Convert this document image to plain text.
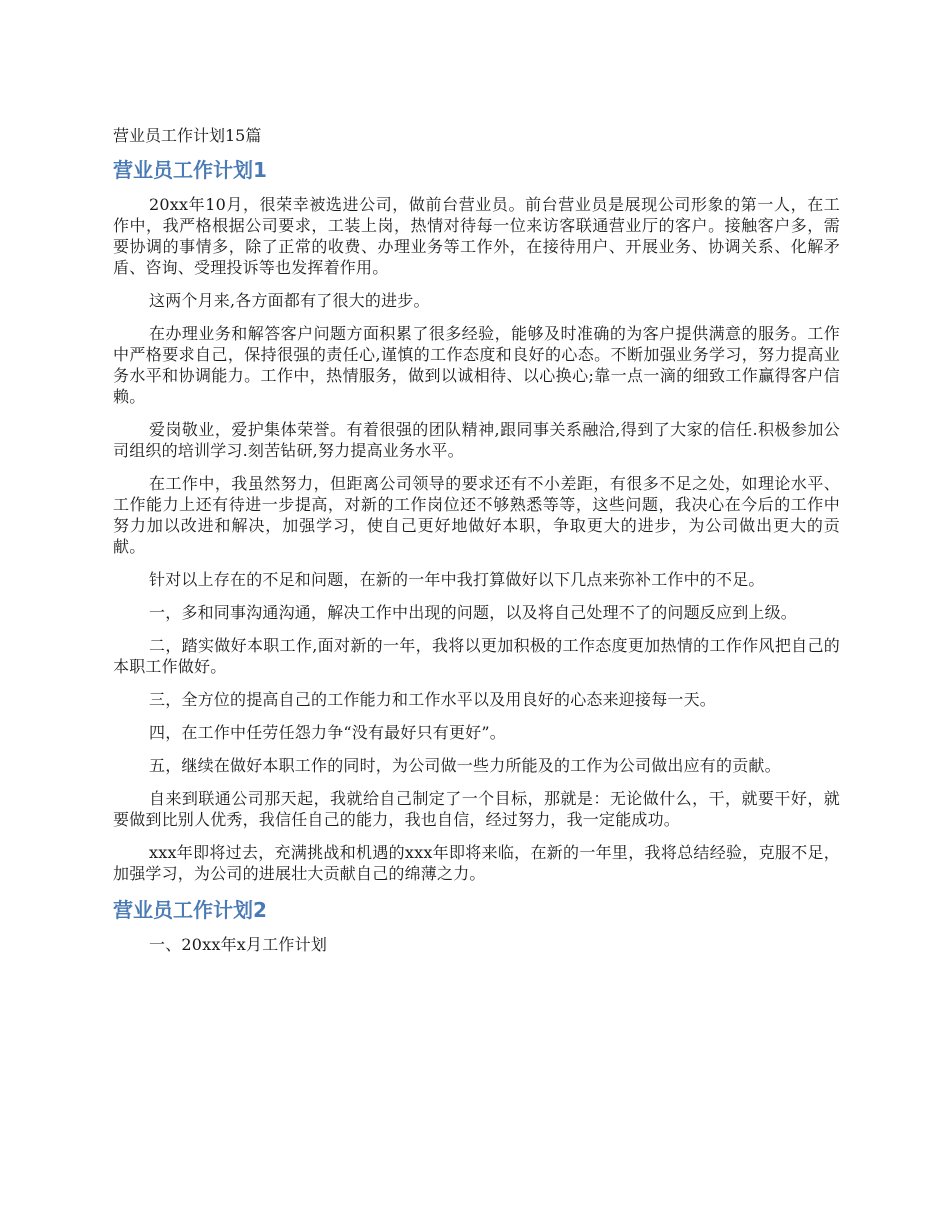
营业员工作计划15篇
营业员工作计划1

20xx年10月，很荣幸被选进公司，做前台营业员。前台营业员是展现公司形象的第一人，在工作中，我严格根据公司要求，工装上岗，热情对待每一位来访客联通营业厅的客户。接触客户多，需要协调的事情多，除了正常的收费、办理业务等工作外，在接待用户、开展业务、协调关系、化解矛盾、咨询、受理投诉等也发挥着作用。

这两个月来,各方面都有了很大的进步。

在办理业务和解答客户问题方面积累了很多经验，能够及时准确的为客户提供满意的服务。工作中严格要求自己，保持很强的责任心,谨慎的工作态度和良好的心态。不断加强业务学习，努力提高业务水平和协调能力。工作中，热情服务，做到以诚相待、以心换心;靠一点一滴的细致工作赢得客户信赖。

爱岗敬业，爱护集体荣誉。有着很强的团队精神,跟同事关系融洽,得到了大家的信任.积极参加公司组织的培训学习.刻苦钻研,努力提高业务水平。

在工作中，我虽然努力，但距离公司领导的要求还有不小差距，有很多不足之处，如理论水平、工作能力上还有待进一步提高，对新的工作岗位还不够熟悉等等，这些问题，我决心在今后的工作中努力加以改进和解决，加强学习，使自己更好地做好本职，争取更大的进步，为公司做出更大的贡献。

针对以上存在的不足和问题，在新的一年中我打算做好以下几点来弥补工作中的不足。

一，多和同事沟通沟通，解决工作中出现的问题，以及将自己处理不了的问题反应到上级。

二，踏实做好本职工作,面对新的一年，我将以更加积极的工作态度更加热情的工作作风把自己的本职工作做好。

三，全方位的提高自己的工作能力和工作水平以及用良好的心态来迎接每一天。

四，在工作中任劳任怨力争“没有最好只有更好”。

五，继续在做好本职工作的同时，为公司做一些力所能及的工作为公司做出应有的贡献。

自来到联通公司那天起，我就给自己制定了一个目标，那就是：无论做什么，干，就要干好，就要做到比别人优秀，我信任自己的能力，我也自信，经过努力，我一定能成功。

xxx年即将过去，充满挑战和机遇的xxx年即将来临，在新的一年里，我将总结经验，克服不足，加强学习，为公司的进展壮大贡献自己的绵薄之力。

营业员工作计划2

一、20xx年x月工作计划
